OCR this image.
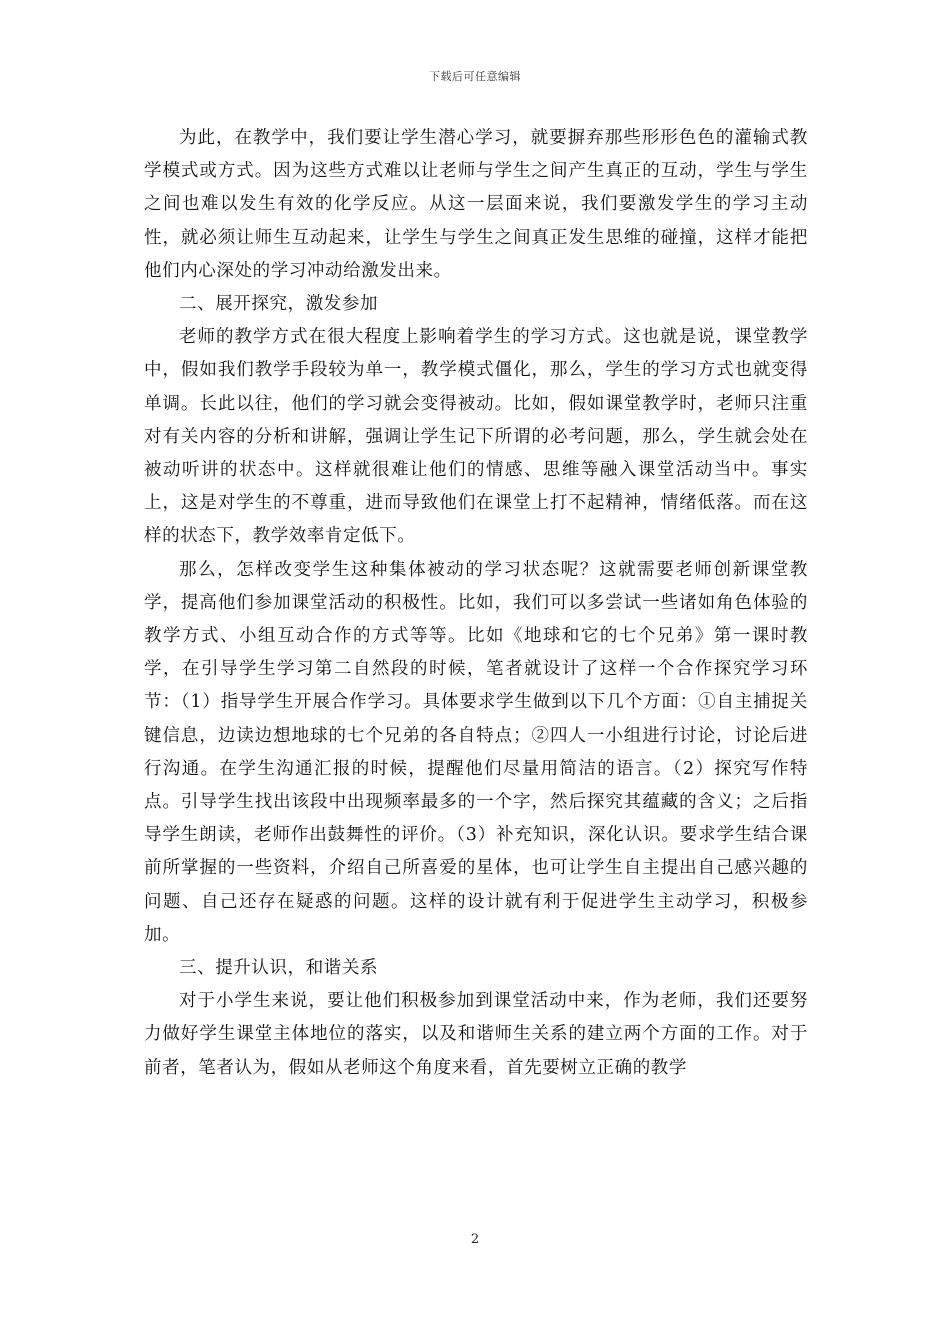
下载后可任意编辑

为此，在教学中，我们要让学生潜心学习，就要摒弃那些形形色色的灌输式教学模式或方式。因为这些方式难以让老师与学生之间产生真正的互动，学生与学生之间也难以发生有效的化学反应。从这一层面来说，我们要激发学生的学习主动性，就必须让师生互动起来，让学生与学生之间真正发生思维的碰撞，这样才能把他们内心深处的学习冲动给激发出来。

二、展开探究，激发参加

老师的教学方式在很大程度上影响着学生的学习方式。这也就是说，课堂教学中，假如我们教学手段较为单一，教学模式僵化，那么，学生的学习方式也就变得单调。长此以往，他们的学习就会变得被动。比如，假如课堂教学时，老师只注重对有关内容的分析和讲解，强调让学生记下所谓的必考问题，那么，学生就会处在被动听讲的状态中。这样就很难让他们的情感、思维等融入课堂活动当中。事实上，这是对学生的不尊重，进而导致他们在课堂上打不起精神，情绪低落。而在这样的状态下，教学效率肯定低下。

那么，怎样改变学生这种集体被动的学习状态呢？这就需要老师创新课堂教学，提高他们参加课堂活动的积极性。比如，我们可以多尝试一些诸如角色体验的教学方式、小组互动合作的方式等等。比如《地球和它的七个兄弟》第一课时教学，在引导学生学习第二自然段的时候，笔者就设计了这样一个合作探究学习环节：（1）指导学生开展合作学习。具体要求学生做到以下几个方面：①自主捕捉关键信息，边读边想地球的七个兄弟的各自特点；②四人一小组进行讨论，讨论后进行沟通。在学生沟通汇报的时候，提醒他们尽量用简洁的语言。（2）探究写作特点。引导学生找出该段中出现频率最多的一个字，然后探究其蕴藏的含义；之后指导学生朗读，老师作出鼓舞性的评价。（3）补充知识，深化认识。要求学生结合课前所掌握的一些资料，介绍自己所喜爱的星体，也可让学生自主提出自己感兴趣的问题、自己还存在疑惑的问题。这样的设计就有利于促进学生主动学习，积极参加。

三、提升认识，和谐关系

对于小学生来说，要让他们积极参加到课堂活动中来，作为老师，我们还要努力做好学生课堂主体地位的落实，以及和谐师生关系的建立两个方面的工作。对于前者，笔者认为，假如从老师这个角度来看，首先要树立正确的教学

2
